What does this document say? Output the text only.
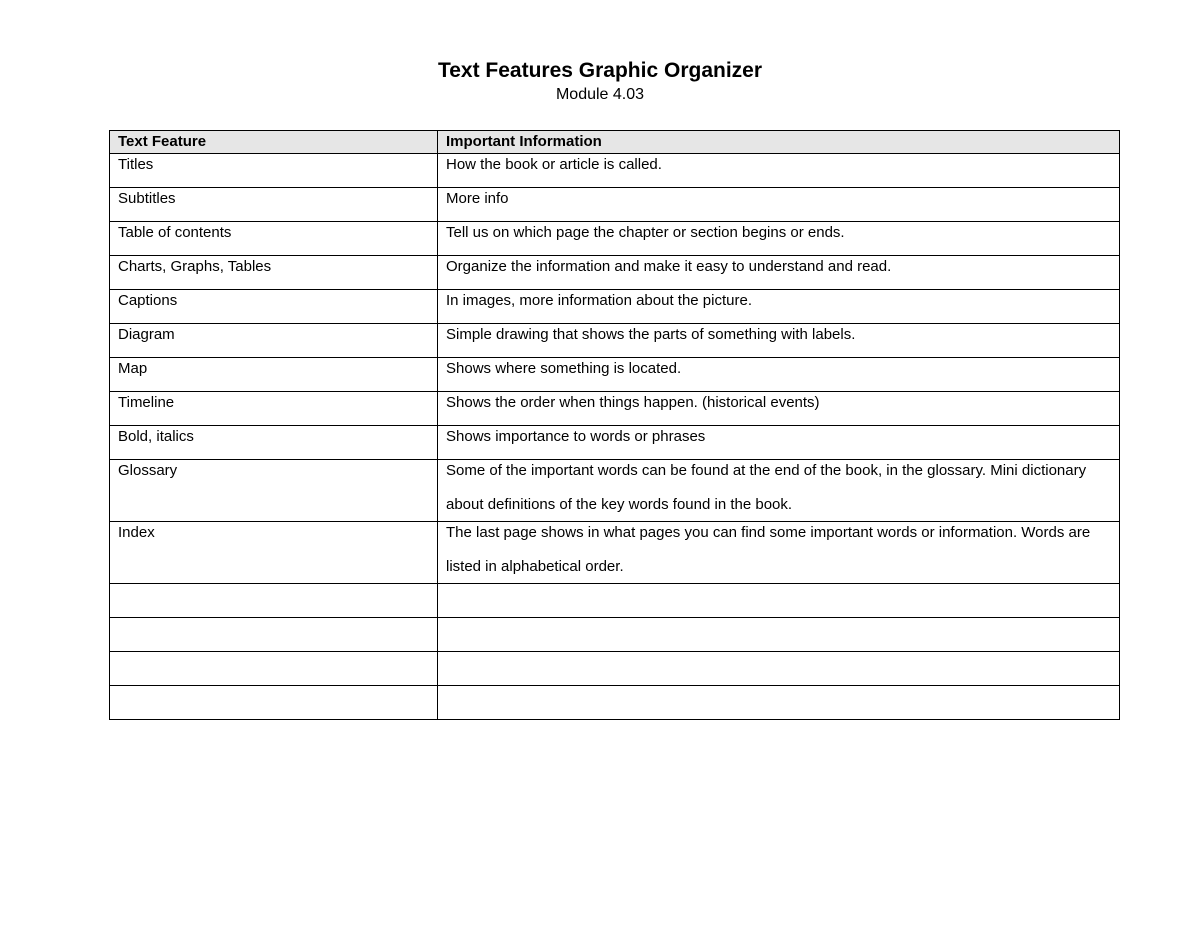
Text Features Graphic Organizer
Module 4.03
Text Feature	Important Information
Titles	How the book or article is called.
Subtitles	More info
Table of contents	Tell us on which page the chapter or section begins or ends.
Charts, Graphs, Tables	Organize the information and make it easy to understand and read.
Captions	In images, more information about the picture.
Diagram	Simple drawing that shows the parts of something with labels.
Map	Shows where something is located.
Timeline	Shows the order when things happen. (historical events)
Bold, italics	Shows importance to words or phrases
Glossary	Some of the important words can be found at the end of the book, in the glossary. Mini dictionary about definitions of the key words found in the book.

Index	The last page shows in what pages you can find some important words or information. Words are listed in alphabetical order.
